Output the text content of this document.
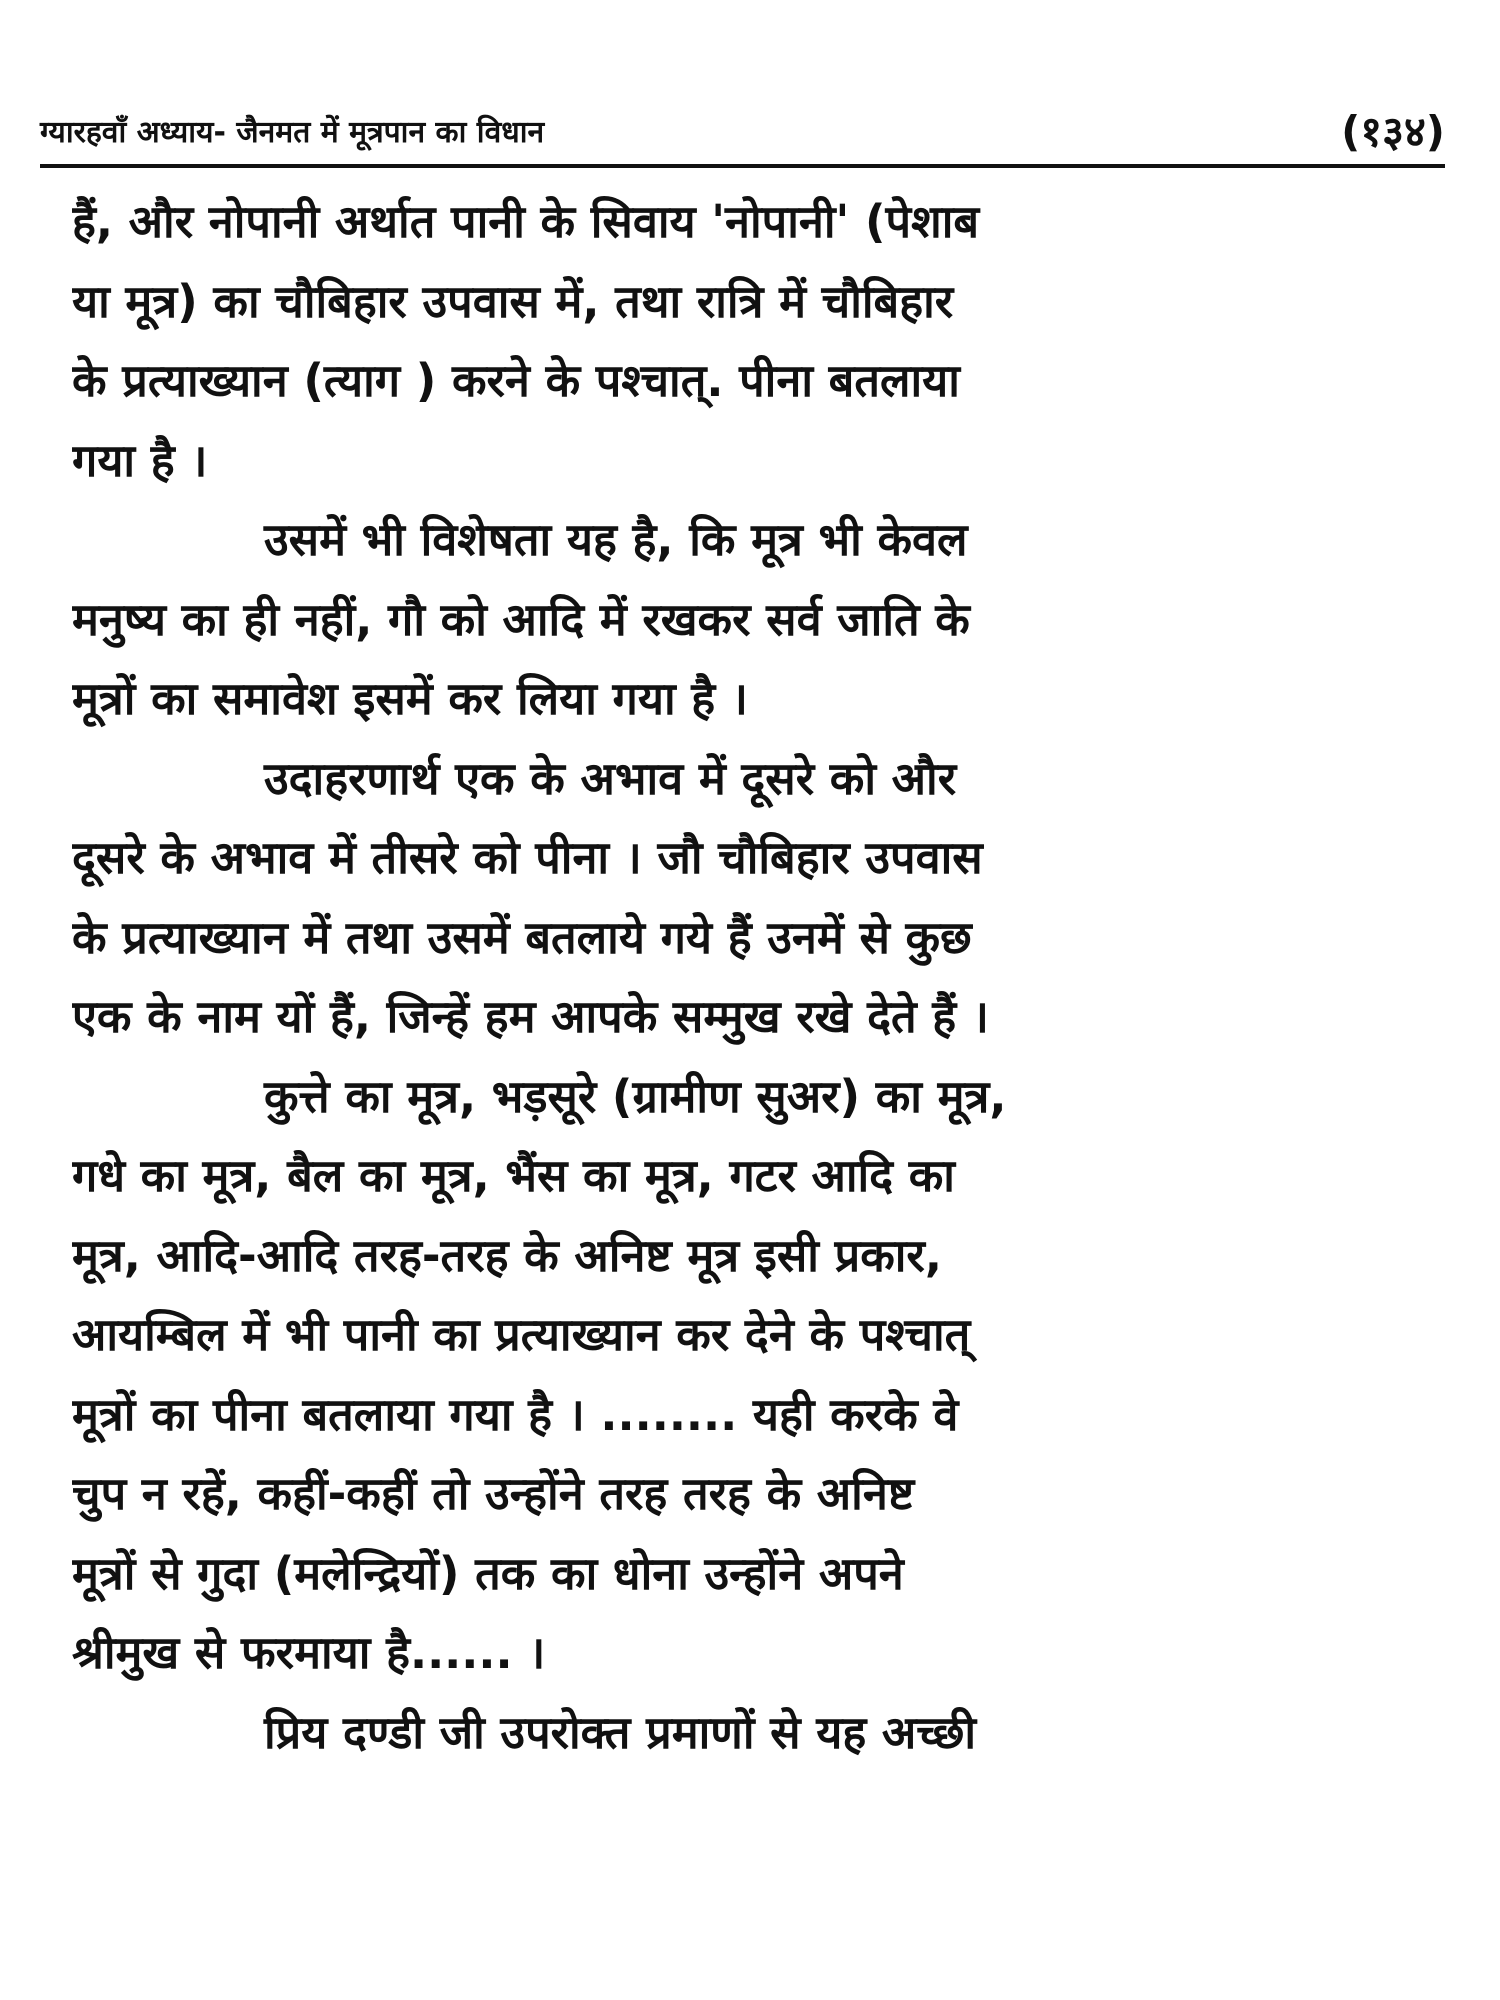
ग्यारहवाँ अध्याय- जैनमत में मूत्रपान का विधान	(१३४)
हैं, और नोपानी अर्थात पानी के सिवाय 'नोपानी' (पेशाब
या मूत्र) का चौबिहार उपवास में, तथा रात्रि में चौबिहार
के प्रत्याख्यान (त्याग ) करने के पश्चात्. पीना बतलाया
गया है ।
उसमें भी विशेषता यह है, कि मूत्र भी केवल
मनुष्य का ही नहीं, गौ को आदि में रखकर सर्व जाति के
मूत्रों का समावेश इसमें कर लिया गया है ।
उदाहरणार्थ एक के अभाव में दूसरे को और
दूसरे के अभाव में तीसरे को पीना । जौ चौबिहार उपवास
के प्रत्याख्यान में तथा उसमें बतलाये गये हैं उनमें से कुछ
एक के नाम यों हैं, जिन्हें हम आपके सम्मुख रखे देते हैं ।
कुत्ते का मूत्र, भड़सूरे (ग्रामीण सुअर) का मूत्र,
गधे का मूत्र, बैल का मूत्र, भैंस का मूत्र, गटर आदि का
मूत्र, आदि-आदि तरह-तरह के अनिष्ट मूत्र इसी प्रकार,
आयम्बिल में भी पानी का प्रत्याख्यान कर देने के पश्चात्
मूत्रों का पीना बतलाया गया है । ........ यही करके वे
चुप न रहें, कहीं-कहीं तो उन्होंने तरह तरह के अनिष्ट
मूत्रों से गुदा (मलेन्द्रियों) तक का धोना उन्होंने अपने
श्रीमुख से फरमाया है...... ।
प्रिय दण्डी जी उपरोक्त प्रमाणों से यह अच्छी
